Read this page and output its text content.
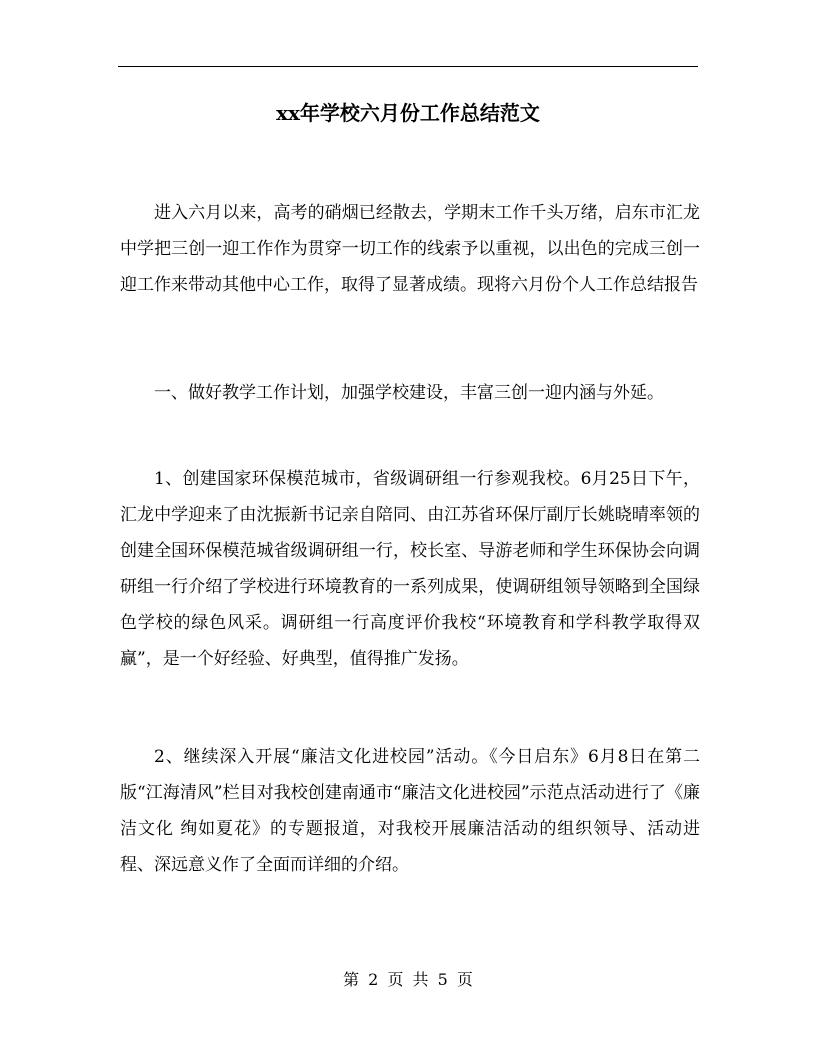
xx年学校六月份工作总结范文

进入六月以来，高考的硝烟已经散去，学期末工作千头万绪，启东市汇龙中学把三创一迎工作作为贯穿一切工作的线索予以重视，以出色的完成三创一迎工作来带动其他中心工作，取得了显著成绩。现将六月份个人工作总结报告

一、做好教学工作计划，加强学校建设，丰富三创一迎内涵与外延。

1、创建国家环保模范城市，省级调研组一行参观我校。6月25日下午，汇龙中学迎来了由沈振新书记亲自陪同、由江苏省环保厅副厅长姚晓晴率领的创建全国环保模范城省级调研组一行，校长室、导游老师和学生环保协会向调研组一行介绍了学校进行环境教育的一系列成果，使调研组领导领略到全国绿色学校的绿色风采。调研组一行高度评价我校“环境教育和学科教学取得双赢”，是一个好经验、好典型，值得推广发扬。

2、继续深入开展“廉洁文化进校园”活动。《今日启东》6月8日在第二版“江海清风”栏目对我校创建南通市“廉洁文化进校园”示范点活动进行了《廉洁文化 绚如夏花》的专题报道，对我校开展廉洁活动的组织领导、活动进程、深远意义作了全面而详细的介绍。

第 2 页 共 5 页
